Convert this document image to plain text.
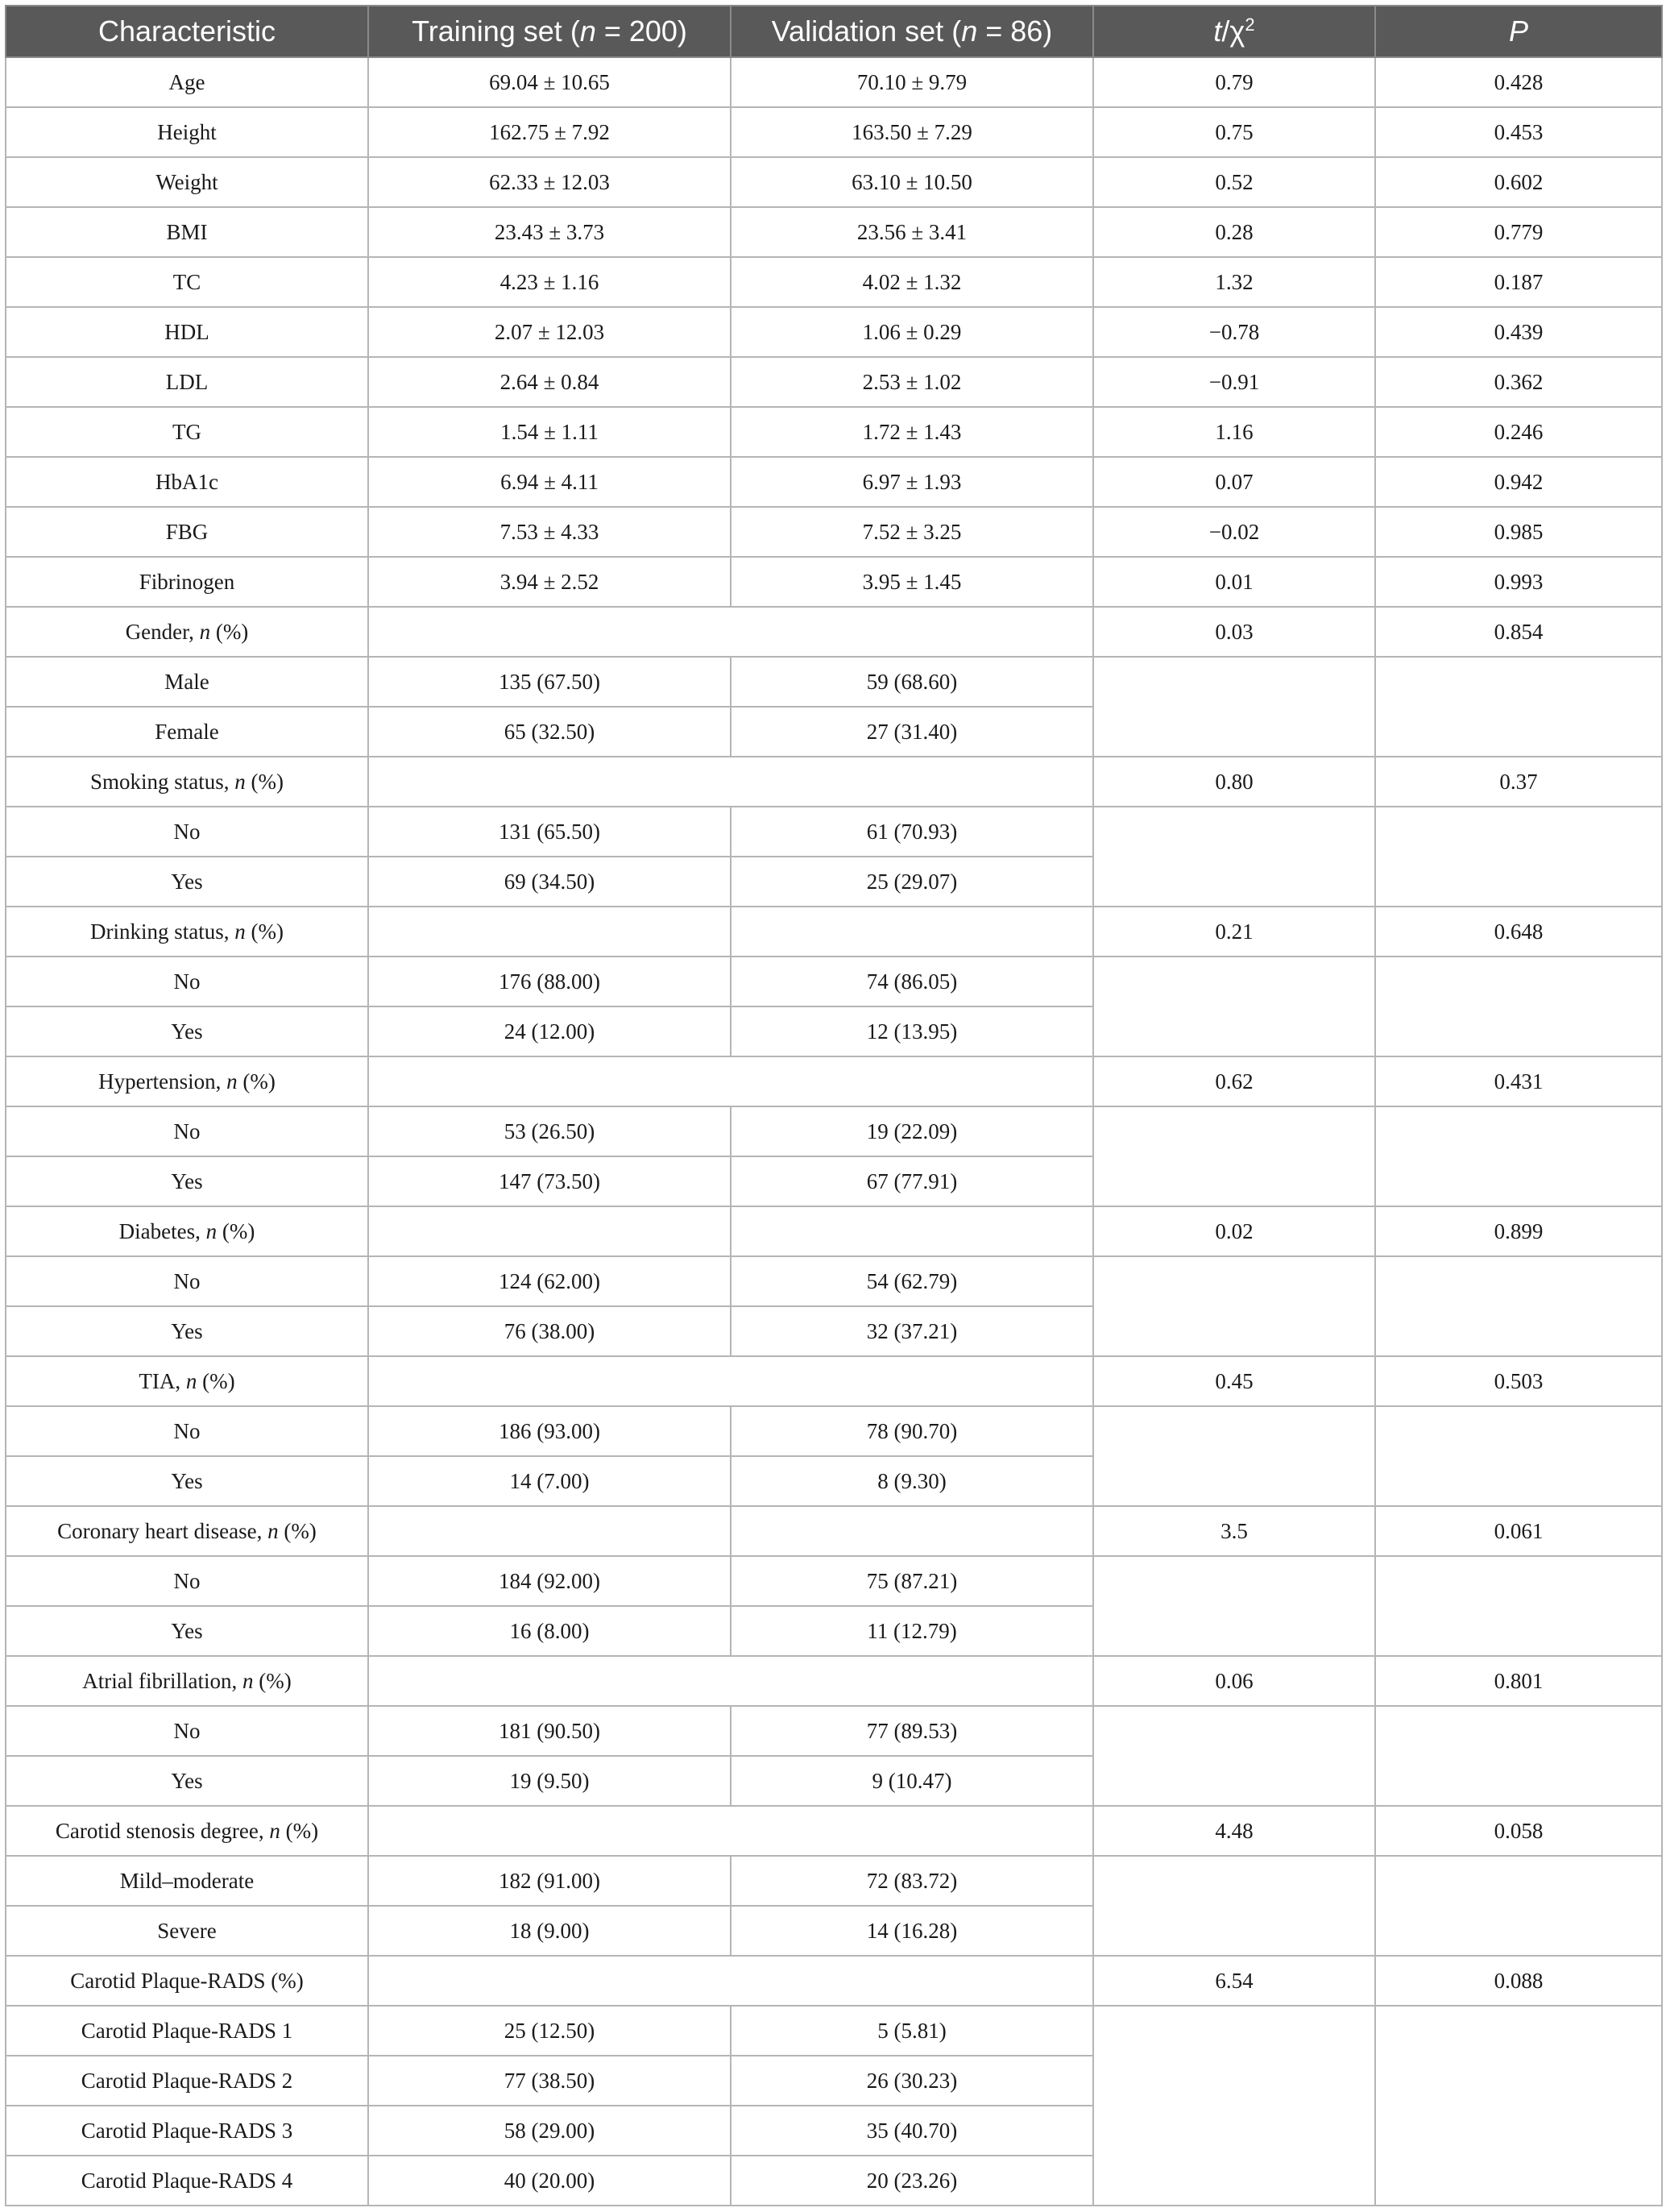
Characteristic	Training set (n = 200)	Validation set (n = 86)	$t/\chi^2$	P
Age	69.04 ± 10.65	70.10 ± 9.79	0.79	0.428
Height	162.75 ± 7.92	163.50 ± 7.29	0.75	0.453
Weight	62.33 ± 12.03	63.10 ± 10.50	0.52	0.602
BMI	23.43 ± 3.73	23.56 ± 3.41	0.28	0.779
TC	4.23 ± 1.16	4.02 ± 1.32	1.32	0.187
HDL	2.07 ± 12.03	1.06 ± 0.29	−0.78	0.439
LDL	2.64 ± 0.84	2.53 ± 1.02	−0.91	0.362
TG	1.54 ± 1.11	1.72 ± 1.43	1.16	0.246
HbA1c	6.94 ± 4.11	6.97 ± 1.93	0.07	0.942
FBG	7.53 ± 4.33	7.52 ± 3.25	−0.02	0.985
Fibrinogen	3.94 ± 2.52	3.95 ± 1.45	0.01	0.993
Gender, n (%)			0.03	0.854
Male	135 (67.50)	59 (68.60)		
Female	65 (32.50)	27 (31.40)		
Smoking status, n (%)			0.80	0.37
No	131 (65.50)	61 (70.93)		
Yes	69 (34.50)	25 (29.07)		
Drinking status, n (%)			0.21	0.648
No	176 (88.00)	74 (86.05)		
Yes	24 (12.00)	12 (13.95)		
Hypertension, n (%)			0.62	0.431
No	53 (26.50)	19 (22.09)		
Yes	147 (73.50)	67 (77.91)		
Diabetes, n (%)			0.02	0.899
No	124 (62.00)	54 (62.79)		
Yes	76 (38.00)	32 (37.21)		
TIA, n (%)			0.45	0.503
No	186 (93.00)	78 (90.70)		
Yes	14 (7.00)	8 (9.30)		
Coronary heart disease, n (%)			3.5	0.061
No	184 (92.00)	75 (87.21)		
Yes	16 (8.00)	11 (12.79)		
Atrial fibrillation, n (%)			0.06	0.801
No	181 (90.50)	77 (89.53)		
Yes	19 (9.50)	9 (10.47)		
Carotid stenosis degree, n (%)			4.48	0.058
Mild–moderate	182 (91.00)	72 (83.72)		
Severe	18 (9.00)	14 (16.28)		
Carotid Plaque-RADS (%)			6.54	0.088
Carotid Plaque-RADS 1	25 (12.50)	5 (5.81)		
Carotid Plaque-RADS 2	77 (38.50)	26 (30.23)		
Carotid Plaque-RADS 3	58 (29.00)	35 (40.70)		
Carotid Plaque-RADS 4	40 (20.00)	20 (23.26)		
